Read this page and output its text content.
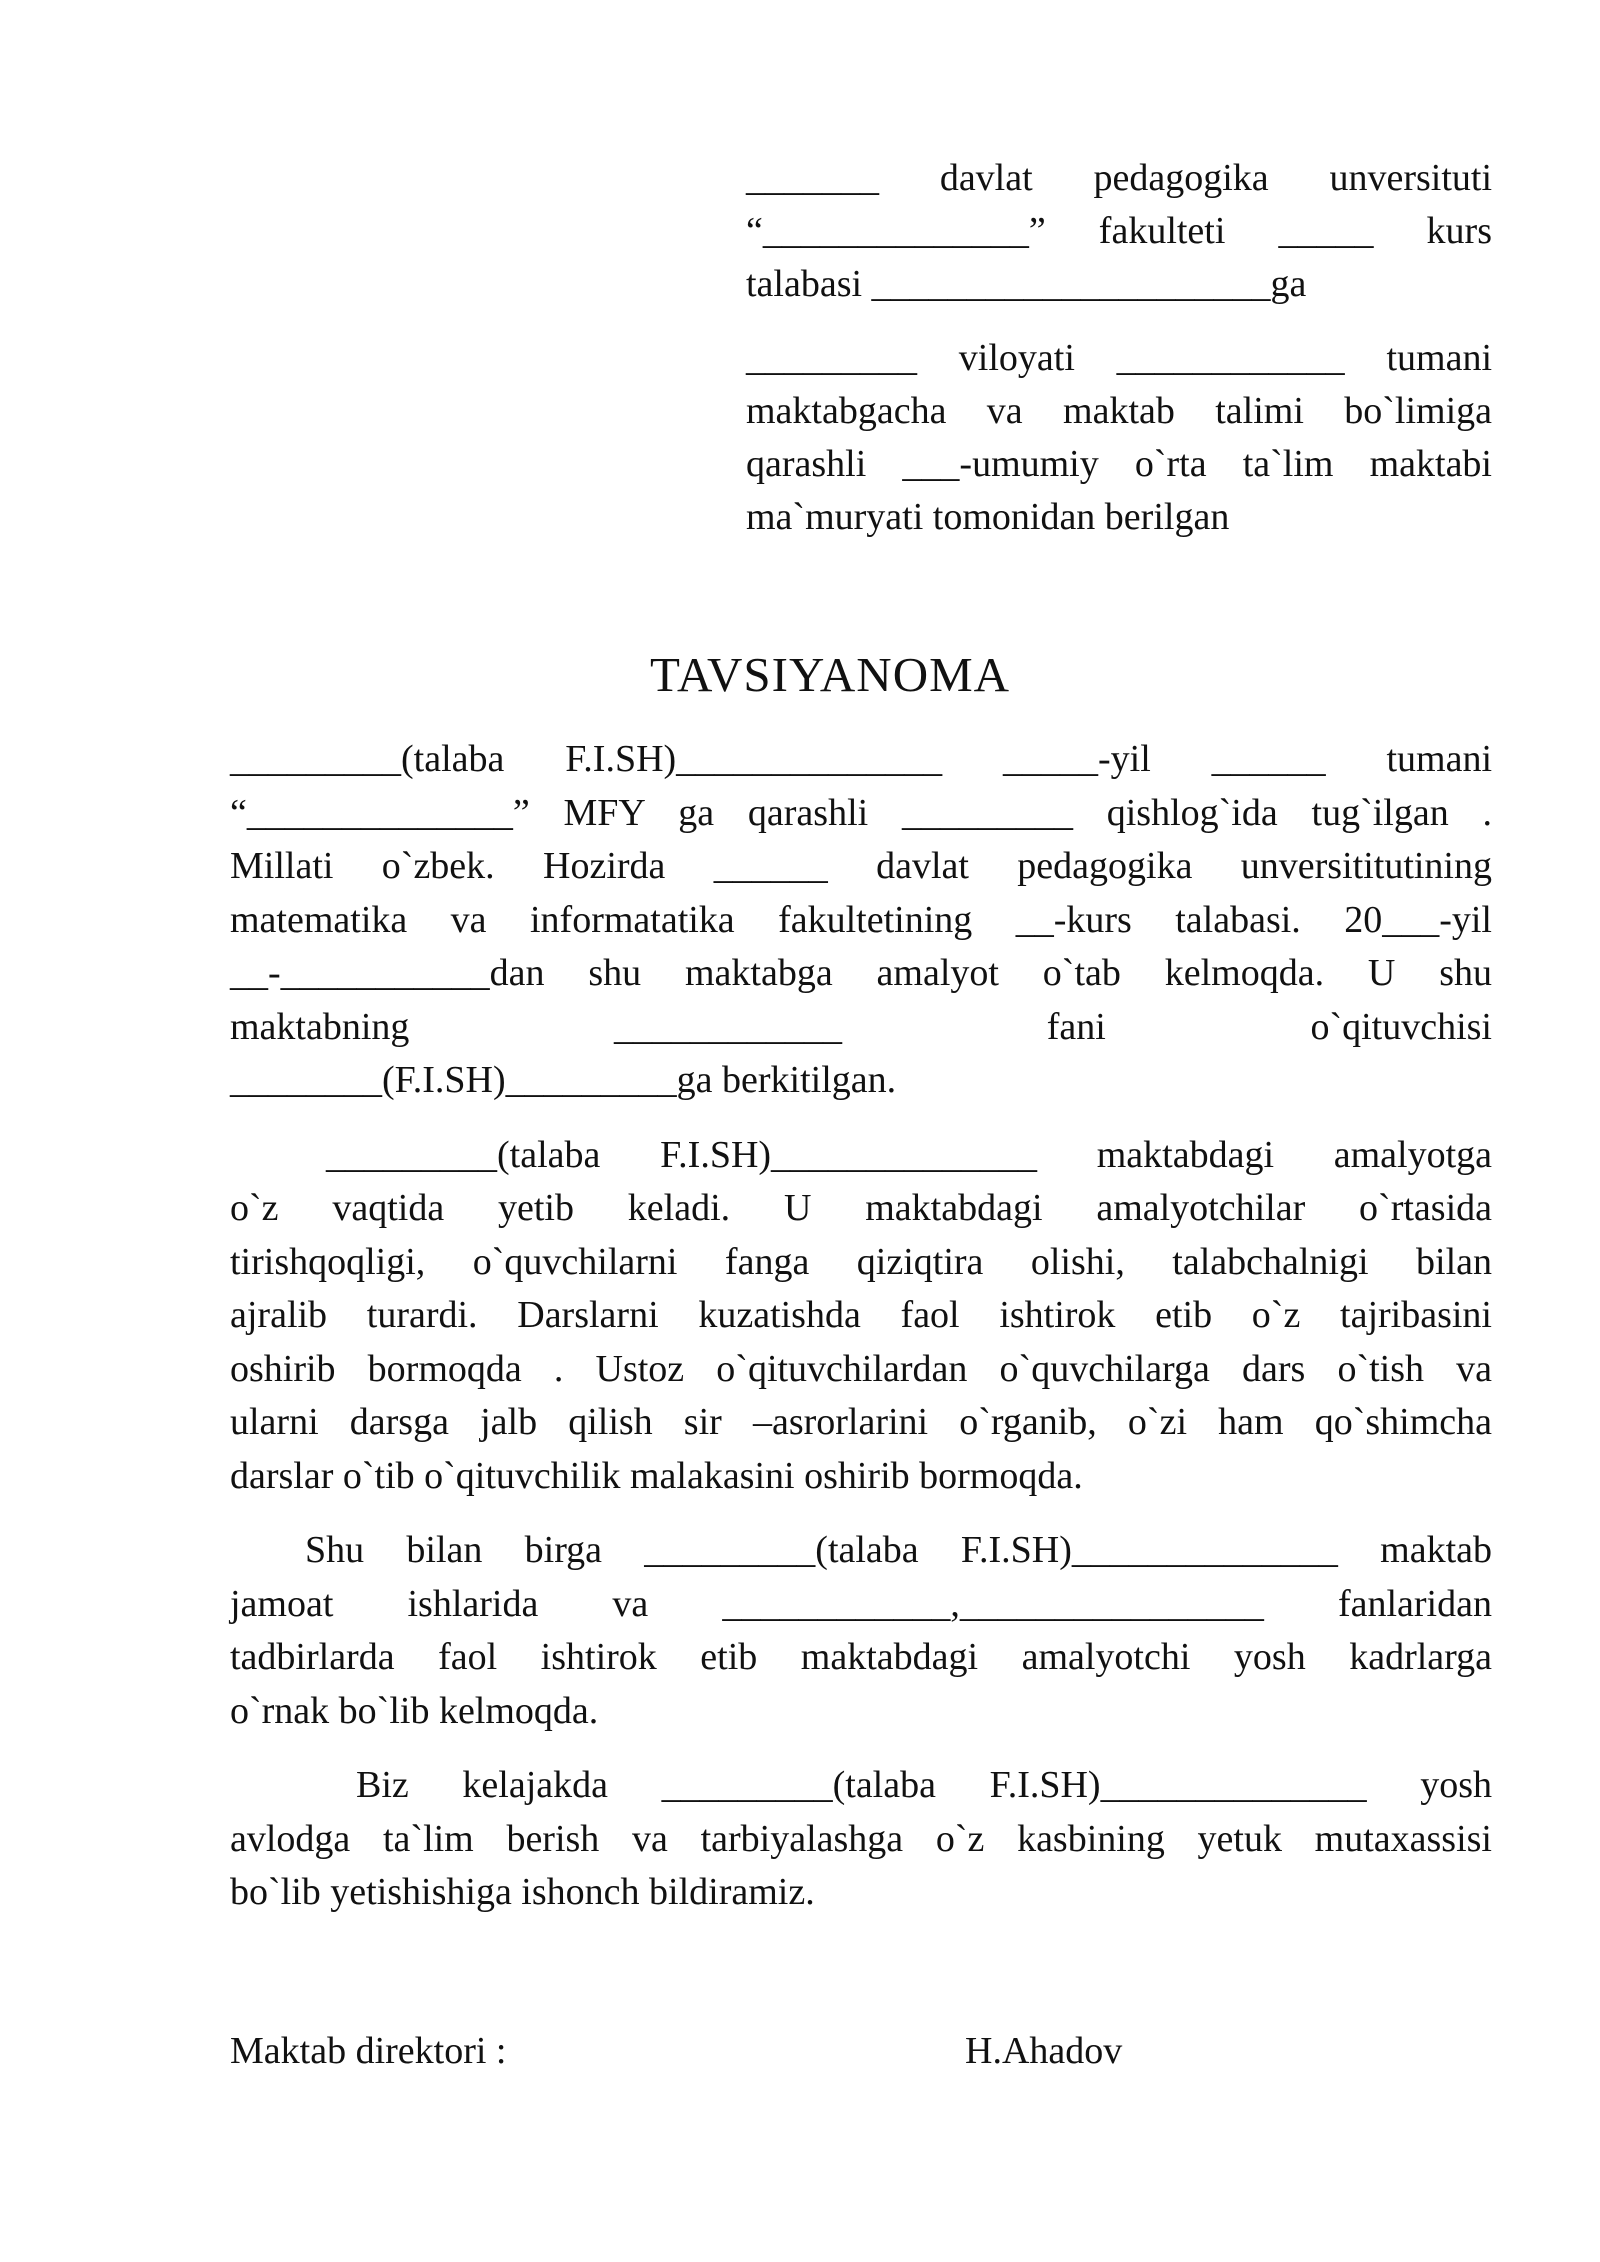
_______ davlat pedagogika unversituti
“______________” fakulteti _____ kurs
talabasi _____________________ga
_________ viloyati ____________ tumani
maktabgacha va maktab talimi bo`limiga
qarashli ___-umumiy o`rta ta`lim maktabi
ma`muryati tomonidan berilgan
TAVSIYANOMA
_________(talaba F.I.SH)______________ _____-yil ______ tumani
“______________” MFY ga qarashli _________ qishlog`ida tug`ilgan .
Millati o`zbek. Hozirda ______ davlat pedagogika unversititutining
matematika va informatatika fakultetining __-kurs talabasi. 20___-yil
__-___________dan shu maktabga amalyot o`tab kelmoqda. U shu
maktabning ____________ fani o`qituvchisi
________(F.I.SH)_________ga berkitilgan.
_________(talaba F.I.SH)______________ maktabdagi amalyotga
o`z vaqtida yetib keladi. U maktabdagi amalyotchilar o`rtasida
tirishqoqligi, o`quvchilarni fanga qiziqtira olishi, talabchalnigi bilan
ajralib turardi. Darslarni kuzatishda faol ishtirok etib o`z tajribasini
oshirib bormoqda . Ustoz o`qituvchilardan o`quvchilarga dars o`tish va
ularni darsga jalb qilish sir –asrorlarini o`rganib, o`zi ham qo`shimcha
darslar o`tib o`qituvchilik malakasini oshirib bormoqda.
Shu bilan birga _________(talaba F.I.SH)______________ maktab
jamoat ishlarida va ____________,________________ fanlaridan
tadbirlarda faol ishtirok etib maktabdagi amalyotchi yosh kadrlarga
o`rnak bo`lib kelmoqda.
Biz kelajakda _________(talaba F.I.SH)______________ yosh
avlodga ta`lim berish va tarbiyalashga o`z kasbining yetuk mutaxassisi
bo`lib yetishishiga ishonch bildiramiz.
Maktab direktori :	H.Ahadov
